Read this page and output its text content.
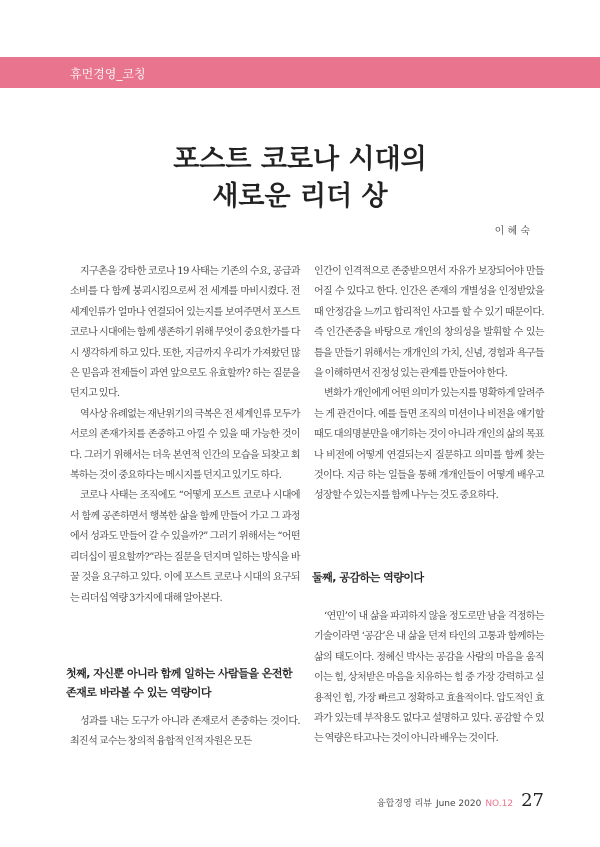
휴먼경영_코칭
포스트 코로나 시대의
새로운 리더 상
이 혜 숙

지구촌을 강타한 코로나 19 사태는 기존의 수요, 공급과 소비를 다 함께 붕괴시킴으로써 전 세계를 마비시켰다. 전 세계인류가 얼마나 연결되어 있는지를 보여주면서 포스트 코로나 시대에는 함께 생존하기 위해 무엇이 중요한가를 다시 생각하게 하고 있다. 또한, 지금까지 우리가 가져왔던 많은 믿음과 전제들이 과연 앞으로도 유효할까? 하는 질문을 던지고 있다.

역사상 유례없는 재난위기의 극복은 전 세계인류 모두가 서로의 존재가치를 존중하고 아낄 수 있을 때 가능한 것이다. 그러기 위해서는 더욱 본연적 인간의 모습을 되찾고 회복하는 것이 중요하다는 메시지를 던지고 있기도 하다.

코로나 사태는 조직에도 “어떻게 포스트 코로나 시대에서 함께 공존하면서 행복한 삶을 함께 만들어 가고 그 과정에서 성과도 만들어 갈 수 있을까?” 그러기 위해서는 “어떤 리더십이 필요할까?”라는 질문을 던지며 일하는 방식을 바꿀 것을 요구하고 있다. 이에 포스트 코로나 시대의 요구되는 리더십 역량 3가지에 대해 알아본다.

첫째, 자신뿐 아니라 함께 일하는 사람들을 온전한 존재로 바라볼 수 있는 역량이다

성과를 내는 도구가 아니라 존재로서 존중하는 것이다. 최진석 교수는 창의적 융합적 인적 자원은 모든

인간이 인격적으로 존중받으면서 자유가 보장되어야 만들어질 수 있다고 한다. 인간은 존재의 개별성을 인정받았을 때 안정감을 느끼고 합리적인 사고를 할 수 있기 때문이다. 즉 인간존중을 바탕으로 개인의 창의성을 발휘할 수 있는 틈을 만들기 위해서는 개개인의 가치, 신념, 경험과 욕구들을 이해하면서 진정성 있는 관계를 만들어야 한다.

변화가 개인에게 어떤 의미가 있는지를 명확하게 알려주는 게 관건이다. 예를 들면 조직의 미션이나 비전을 얘기할 때도 대의명분만을 얘기하는 것이 아니라 개인의 삶의 목표나 비전에 어떻게 연결되는지 질문하고 의미를 함께 찾는 것이다. 지금 하는 일들을 통해 개개인들이 어떻게 배우고 성장할 수 있는지를 함께 나누는 것도 중요하다.

둘째, 공감하는 역량이다

‘연민’이 내 삶을 파괴하지 않을 정도로만 남을 걱정하는 기술이라면 ‘공감’은 내 삶을 던져 타인의 고통과 함께하는 삶의 태도이다. 정혜신 박사는 공감을 사람의 마음을 움직이는 힘, 상처받은 마음을 치유하는 힘 중 가장 강력하고 실용적인 힘, 가장 빠르고 정확하고 효율적이다. 압도적인 효과가 있는데 부작용도 없다고 설명하고 있다. 공감할 수 있는 역량은 타고나는 것이 아니라 배우는 것이다.

융합경영 리뷰 June 2020 NO.12 27
